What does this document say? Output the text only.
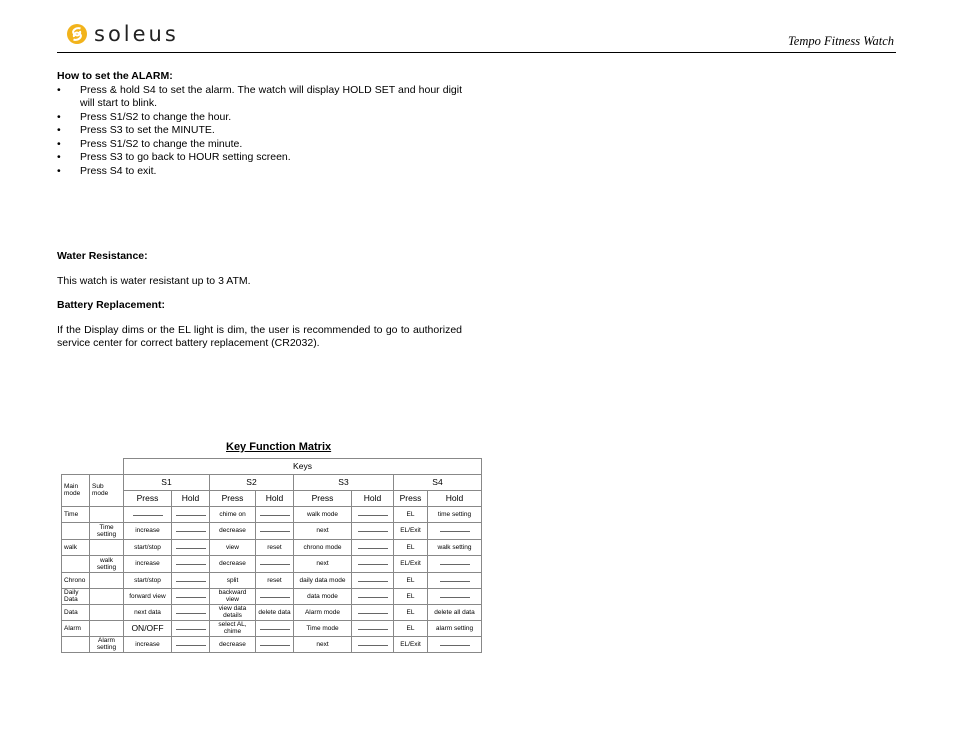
soleus	Tempo Fitness Watch
How to set the ALARM:
• Press & hold S4 to set the alarm. The watch will display HOLD SET and hour digit will start to blink.
• Press S1/S2 to change the hour.
• Press S3 to set the MINUTE.
• Press S1/S2 to change the minute.
• Press S3 to go back to HOUR setting screen.
• Press S4 to exit.
Water Resistance:
This watch is water resistant up to 3 ATM.
Battery Replacement:
If the Display dims or the EL light is dim, the user is recommended to go to authorized service center for correct battery replacement (CR2032).
Key Function Matrix
		Keys							
Main mode	Sub mode	S1		S2		S3		S4	
		Press	Hold	Press	Hold	Press	Hold	Press	Hold
Time				chime on		walk mode		EL	time setting
	Time setting	increase		decrease		next		EL/Exit	
walk		start/stop		view	reset	chrono mode		EL	walk setting
	walk setting	increase		decrease		next		EL/Exit	
Chrono		start/stop		split	reset	daily data mode		EL	
Daily Data		forward view		backward view		data mode		EL	
Data		next data		view data details	delete data	Alarm mode		EL	delete all data
Alarm		ON/OFF		select AL, chime		Time mode		EL	alarm setting
	Alarm setting	increase		decrease		next		EL/Exit	
